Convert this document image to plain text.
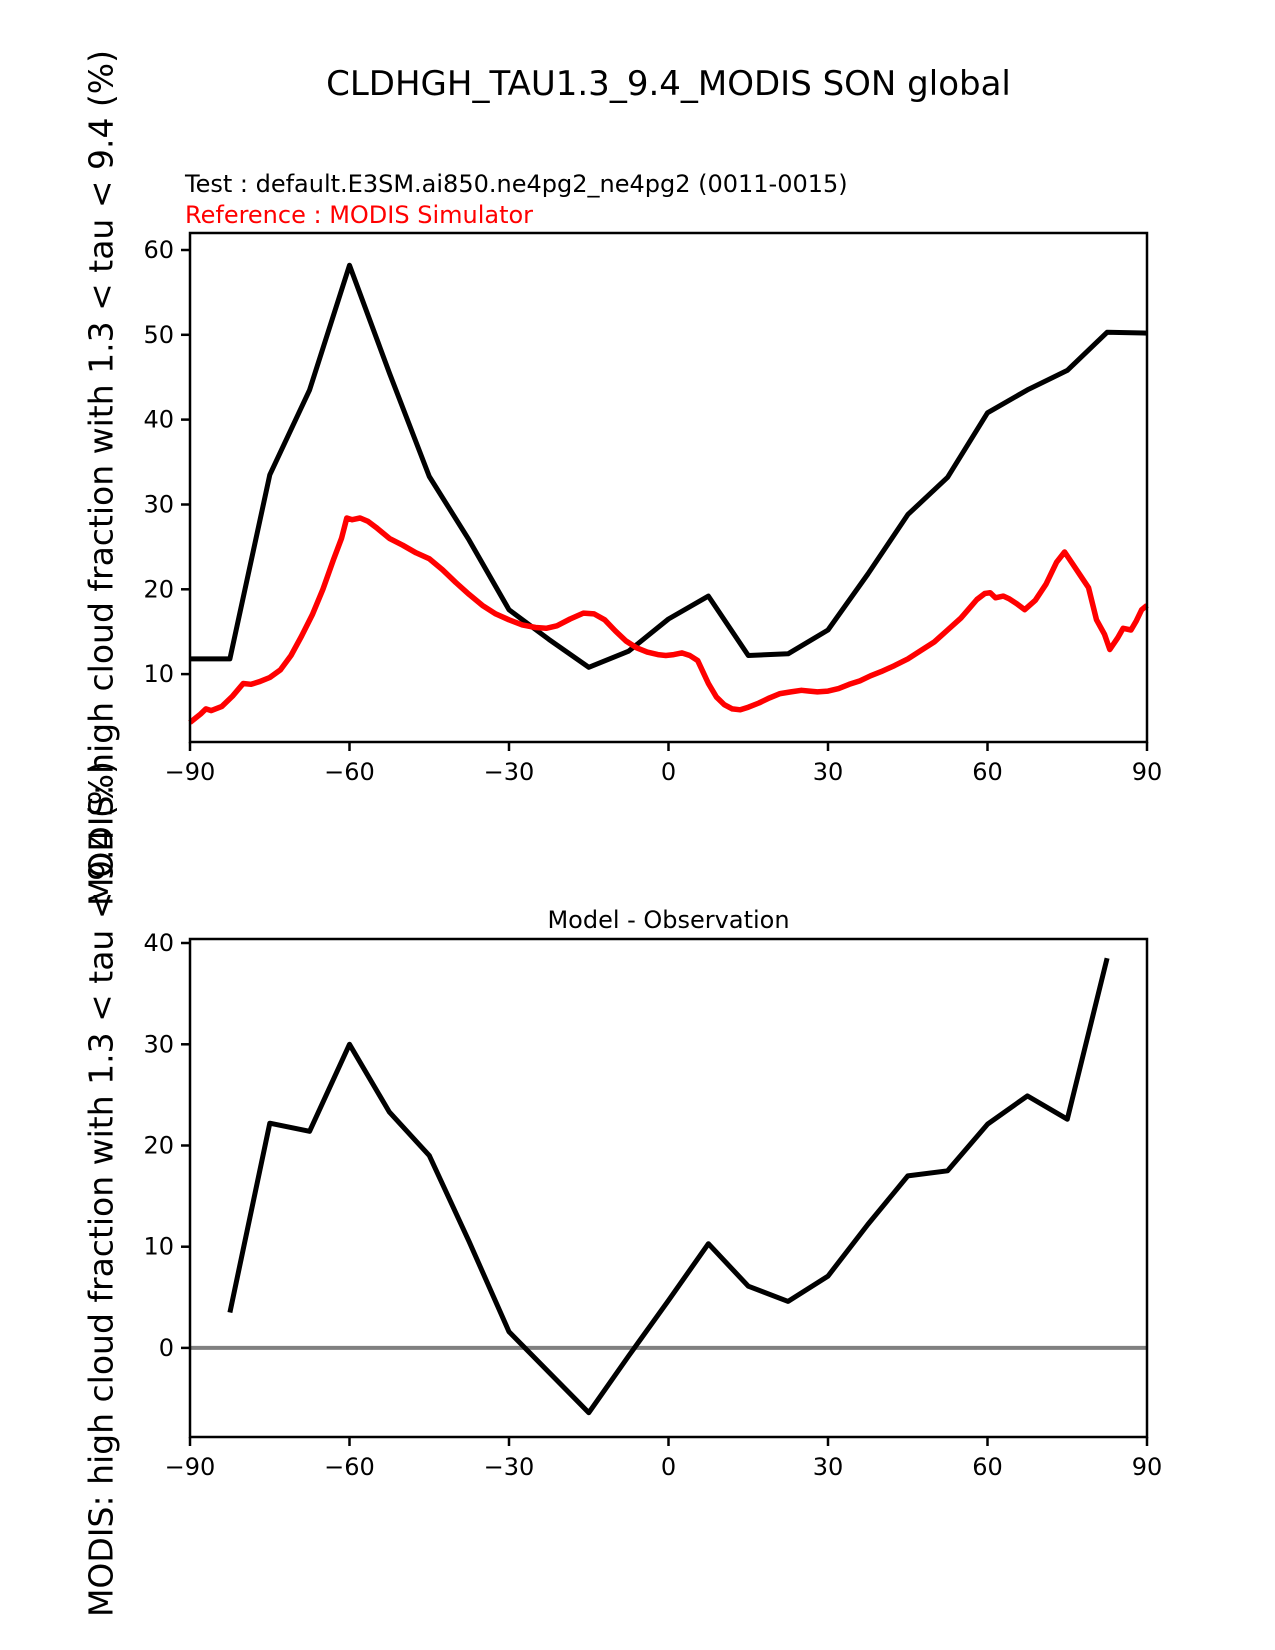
MODIS: high cloud fraction with 1.3 < tau < 9.4 (%)
MODIS: high cloud fraction with 1.3 < tau < 9.4 (%)
CLDHGH_TAU1.3_9.4_MODIS SON global
Test : default.E3SM.ai850.ne4pg2_ne4pg2 (0011-0015)
Reference : MODIS Simulator
Model - Observation
−90	−60	−30	0	30	60	90
10
20
30
40
50
60
−90	−60	−30	0	30	60	90
0
10
20
30
40
